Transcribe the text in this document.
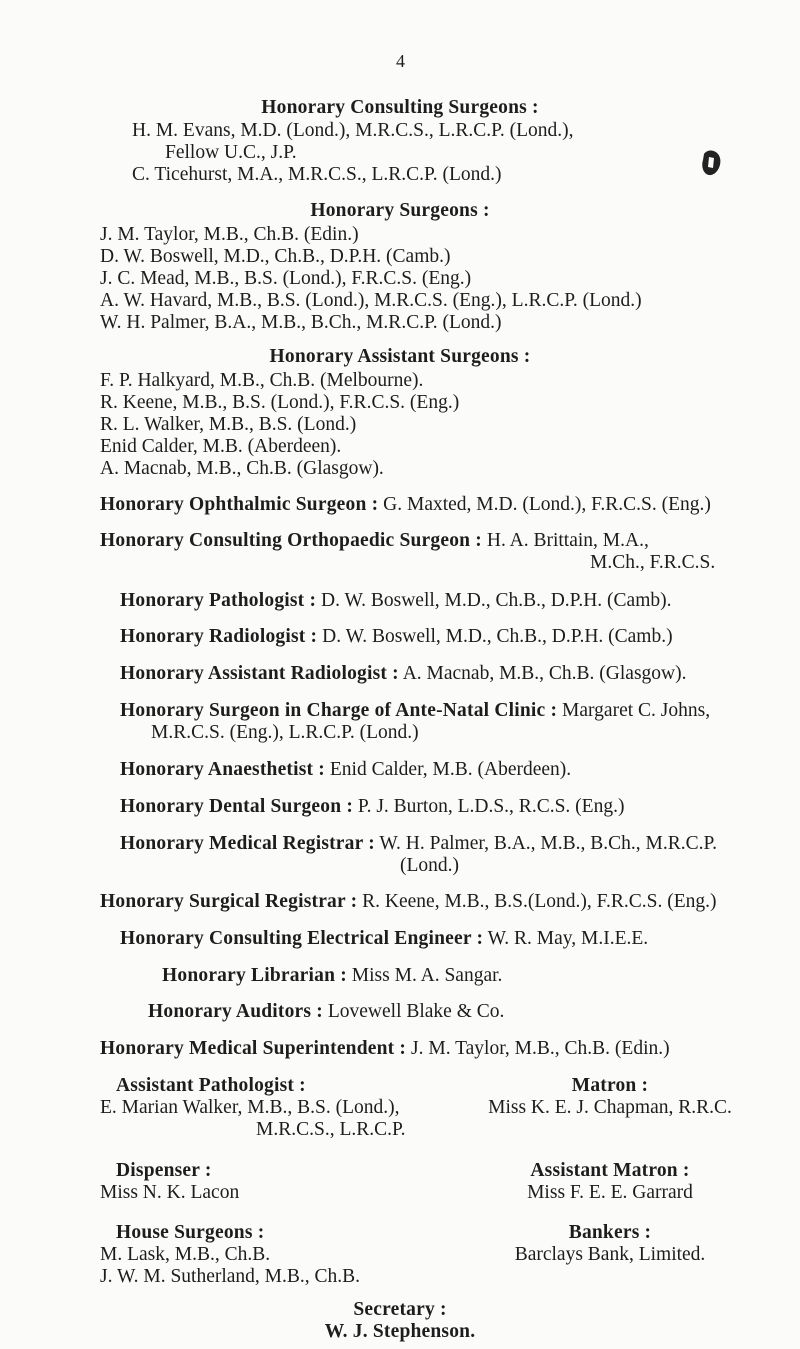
4
Honorary Consulting Surgeons :
H. M. Evans, M.D. (Lond.), M.R.C.S., L.R.C.P. (Lond.),
Fellow U.C., J.P.
C. Ticehurst, M.A., M.R.C.S., L.R.C.P. (Lond.)
Honorary Surgeons :
J. M. Taylor, M.B., Ch.B. (Edin.)
D. W. Boswell, M.D., Ch.B., D.P.H. (Camb.)
J. C. Mead, M.B., B.S. (Lond.), F.R.C.S. (Eng.)
A. W. Havard, M.B., B.S. (Lond.), M.R.C.S. (Eng.), L.R.C.P. (Lond.)
W. H. Palmer, B.A., M.B., B.Ch., M.R.C.P. (Lond.)
Honorary Assistant Surgeons :
F. P. Halkyard, M.B., Ch.B. (Melbourne).
R. Keene, M.B., B.S. (Lond.), F.R.C.S. (Eng.)
R. L. Walker, M.B., B.S. (Lond.)
Enid Calder, M.B. (Aberdeen).
A. Macnab, M.B., Ch.B. (Glasgow).
Honorary Ophthalmic Surgeon : G. Maxted, M.D. (Lond.), F.R.C.S. (Eng.)
Honorary Consulting Orthopaedic Surgeon : H. A. Brittain, M.A.,
M.Ch., F.R.C.S.
Honorary Pathologist : D. W. Boswell, M.D., Ch.B., D.P.H. (Camb).
Honorary Radiologist : D. W. Boswell, M.D., Ch.B., D.P.H. (Camb.)
Honorary Assistant Radiologist : A. Macnab, M.B., Ch.B. (Glasgow).
Honorary Surgeon in Charge of Ante-Natal Clinic : Margaret C. Johns,
M.R.C.S. (Eng.), L.R.C.P. (Lond.)
Honorary Anaesthetist : Enid Calder, M.B. (Aberdeen).
Honorary Dental Surgeon : P. J. Burton, L.D.S., R.C.S. (Eng.)
Honorary Medical Registrar : W. H. Palmer, B.A., M.B., B.Ch., M.R.C.P.
(Lond.)
Honorary Surgical Registrar : R. Keene, M.B., B.S.(Lond.), F.R.C.S. (Eng.)
Honorary Consulting Electrical Engineer : W. R. May, M.I.E.E.
Honorary Librarian : Miss M. A. Sangar.
Honorary Auditors : Lovewell Blake & Co.
Honorary Medical Superintendent : J. M. Taylor, M.B., Ch.B. (Edin.)
Assistant Pathologist :
E. Marian Walker, M.B., B.S. (Lond.),
M.R.C.S., L.R.C.P.
Matron :
Miss K. E. J. Chapman, R.R.C.
Dispenser :
Miss N. K. Lacon
Assistant Matron :
Miss F. E. E. Garrard
House Surgeons :
M. Lask, M.B., Ch.B.
J. W. M. Sutherland, M.B., Ch.B.
Bankers :
Barclays Bank, Limited.
Secretary :
W. J. Stephenson.
